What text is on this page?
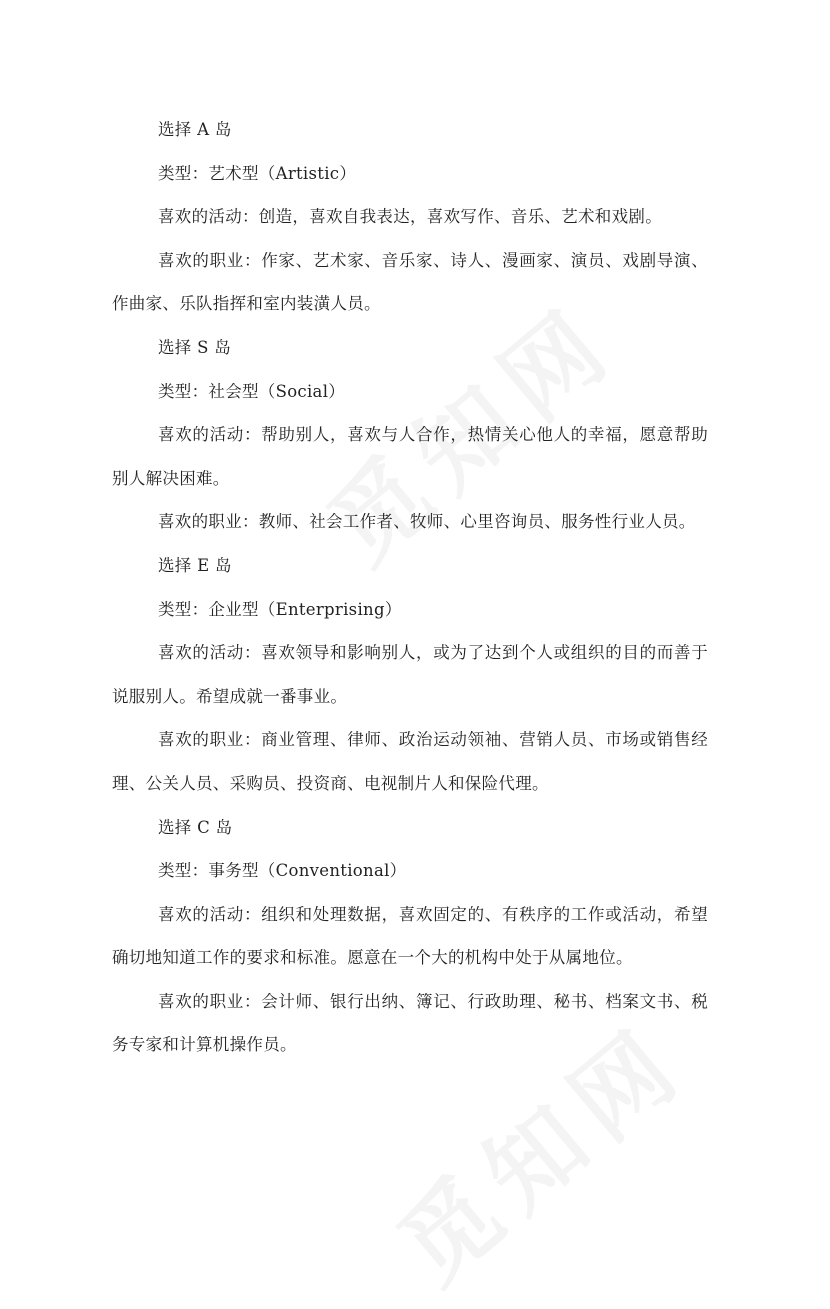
选择 A 岛

类型：艺术型（Artistic）

喜欢的活动：创造，喜欢自我表达，喜欢写作、音乐、艺术和戏剧。

喜欢的职业：作家、艺术家、音乐家、诗人、漫画家、演员、戏剧导演、作曲家、乐队指挥和室内装潢人员。

选择 S 岛

类型：社会型（Social）

喜欢的活动：帮助别人，喜欢与人合作，热情关心他人的幸福，愿意帮助别人解决困难。

喜欢的职业：教师、社会工作者、牧师、心里咨询员、服务性行业人员。

选择 E 岛

类型：企业型（Enterprising）

喜欢的活动：喜欢领导和影响别人，或为了达到个人或组织的目的而善于说服别人。希望成就一番事业。

喜欢的职业：商业管理、律师、政治运动领袖、营销人员、市场或销售经理、公关人员、采购员、投资商、电视制片人和保险代理。

选择 C 岛

类型：事务型（Conventional）

喜欢的活动：组织和处理数据，喜欢固定的、有秩序的工作或活动，希望确切地知道工作的要求和标准。愿意在一个大的机构中处于从属地位。

喜欢的职业：会计师、银行出纳、簿记、行政助理、秘书、档案文书、税务专家和计算机操作员。
